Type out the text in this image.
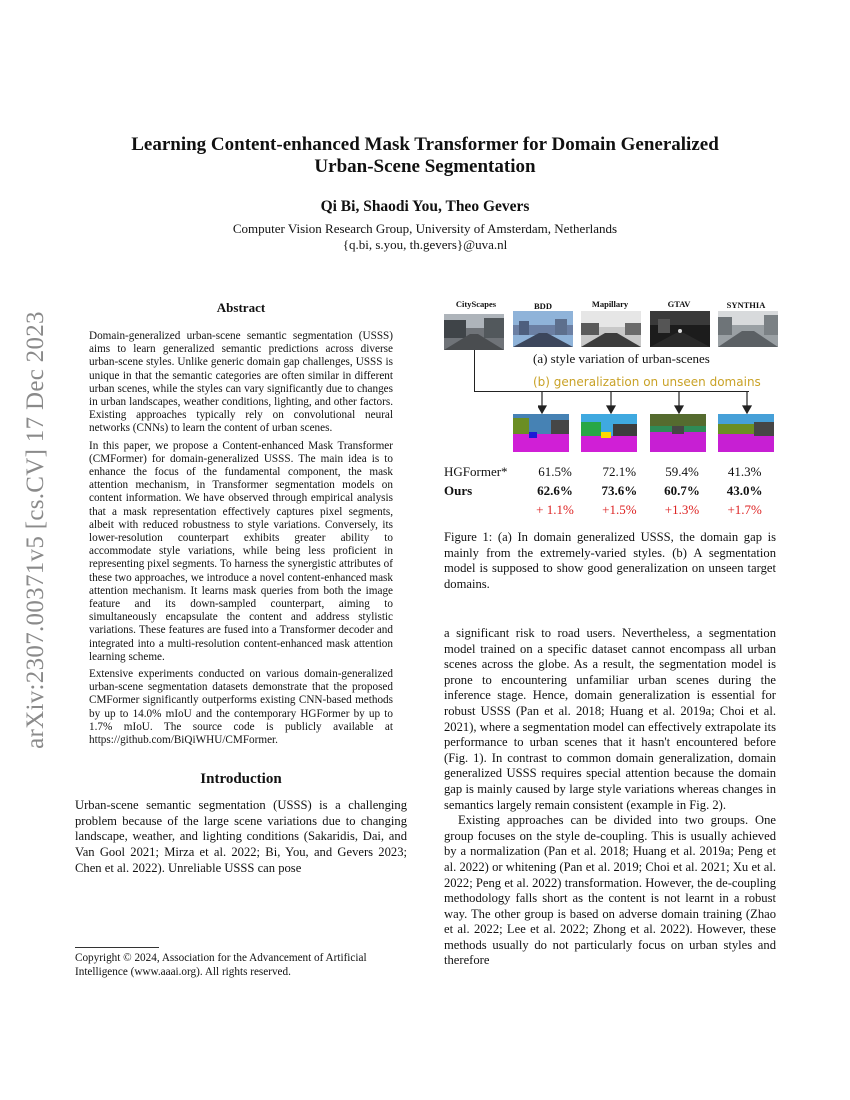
arXiv:2307.00371v5 [cs.CV] 17 Dec 2023
Learning Content-enhanced Mask Transformer for Domain Generalized
Urban-Scene Segmentation
Qi Bi, Shaodi You, Theo Gevers
Computer Vision Research Group, University of Amsterdam, Netherlands
{q.bi, s.you, th.gevers}@uva.nl
Abstract

Domain-generalized urban-scene semantic segmentation (USSS) aims to learn generalized semantic predictions across diverse urban-scene styles. Unlike generic domain gap challenges, USSS is unique in that the semantic categories are often similar in different urban scenes, while the styles can vary significantly due to changes in urban landscapes, weather conditions, lighting, and other factors. Existing approaches typically rely on convolutional neural networks (CNNs) to learn the content of urban scenes.

In this paper, we propose a Content-enhanced Mask Transformer (CMFormer) for domain-generalized USSS. The main idea is to enhance the focus of the fundamental component, the mask attention mechanism, in Transformer segmentation models on content information. We have observed through empirical analysis that a mask representation effectively captures pixel segments, albeit with reduced robustness to style variations. Conversely, its lower-resolution counterpart exhibits greater ability to accommodate style variations, while being less proficient in representing pixel segments. To harness the synergistic attributes of these two approaches, we introduce a novel content-enhanced mask attention mechanism. It learns mask queries from both the image feature and its down-sampled counterpart, aiming to simultaneously encapsulate the content and address stylistic variations. These features are fused into a Transformer decoder and integrated into a multi-resolution content-enhanced mask attention learning scheme.

Extensive experiments conducted on various domain-generalized urban-scene segmentation datasets demonstrate that the proposed CMFormer significantly outperforms existing CNN-based methods by up to 14.0% mIoU and the contemporary HGFormer by up to 1.7% mIoU. The source code is publicly available at https://github.com/BiQiWHU/CMFormer.

Introduction

Urban-scene semantic segmentation (USSS) is a challenging problem because of the large scene variations due to changing landscape, weather, and lighting conditions (Sakaridis, Dai, and Van Gool 2021; Mirza et al. 2022; Bi, You, and Gevers 2023; Chen et al. 2022). Unreliable USSS can pose

Copyright © 2024, Association for the Advancement of Artificial Intelligence (www.aaai.org). All rights reserved.
CityScapes	BDD	Mapillary	GTAV	SYNTHIA
(a) style variation of urban-scenes
(b) generalization on unseen domains
HGFormer*	61.5%	72.1%	59.4%	41.3%
Ours	62.6%	73.6%	60.7%	43.0%
	+ 1.1%	+1.5%	+1.3%	+1.7%
Figure 1: (a) In domain generalized USSS, the domain gap is mainly from the extremely-varied styles. (b) A segmentation model is supposed to show good generalization on unseen target domains.

a significant risk to road users. Nevertheless, a segmentation model trained on a specific dataset cannot encompass all urban scenes across the globe. As a result, the segmentation model is prone to encountering unfamiliar urban scenes during the inference stage. Hence, domain generalization is essential for robust USSS (Pan et al. 2018; Huang et al. 2019a; Choi et al. 2021), where a segmentation model can effectively extrapolate its performance to urban scenes that it hasn't encountered before (Fig. 1). In contrast to common domain generalization, domain generalized USSS requires special attention because the domain gap is mainly caused by large style variations whereas changes in semantics largely remain consistent (example in Fig. 2).

Existing approaches can be divided into two groups. One group focuses on the style de-coupling. This is usually achieved by a normalization (Pan et al. 2018; Huang et al. 2019a; Peng et al. 2022) or whitening (Pan et al. 2019; Choi et al. 2021; Xu et al. 2022; Peng et al. 2022) transformation. However, the de-coupling methodology falls short as the content is not learnt in a robust way. The other group is based on adverse domain training (Zhao et al. 2022; Lee et al. 2022; Zhong et al. 2022). However, these methods usually do not particularly focus on urban styles and therefore
